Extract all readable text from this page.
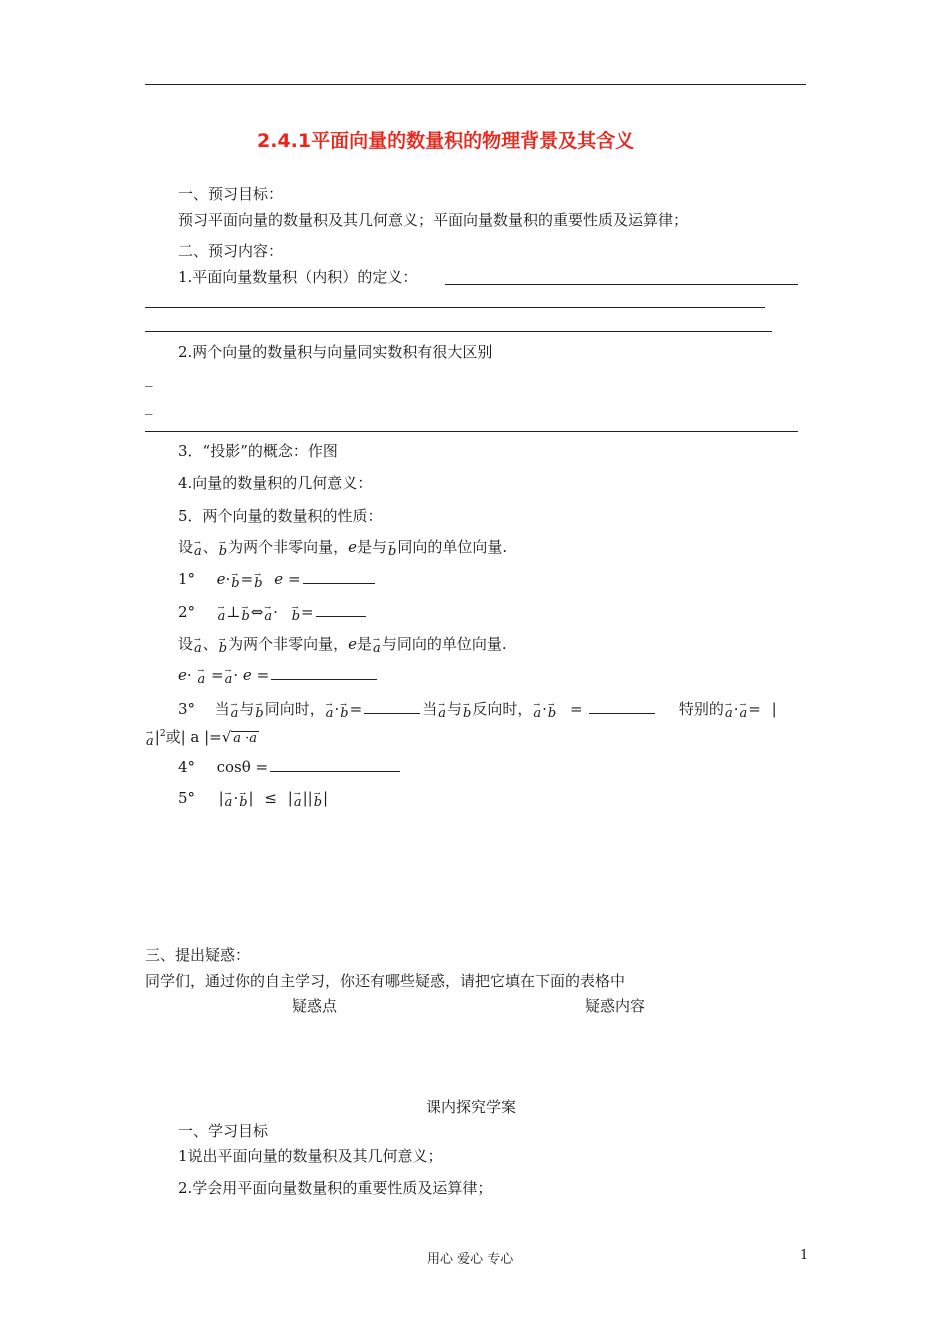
2.4.1平面向量的数量积的物理背景及其含义
一、预习目标：
预习平面向量的数量积及其几何意义；平面向量数量积的重要性质及运算律；
二、预习内容：
1.平面向量数量积（内积）的定义：
2.两个向量的数量积与向量同实数积有很大区别
_
_
3．“投影”的概念：作图
4.向量的数量积的几何意义：
5．两个向量的数量积的性质：
设→ a、→ b为两个非零向量，e是与→ b同向的单位向量.
1° e·→ b=→ b e =
2° → a⊥→ b⇔→ a· → b=
设→ a、→ b为两个非零向量，e是→ a与同向的单位向量.
e· → a =→ a· e =
3° 当→ a与→ b同向时，→ a·→ b=	当→ a与→ b反向时，→ a·→ b =	特别的→ a·→ a= |
→ $a|^2$或| a |=√ a ·a
4° cosθ =
5° |→ a·→ b| ≤ |→ a||→ b|
三、提出疑惑：
同学们，通过你的自主学习，你还有哪些疑惑，请把它填在下面的表格中
疑惑点	疑惑内容
课内探究学案
一、学习目标
1说出平面向量的数量积及其几何意义；
2.学会用平面向量数量积的重要性质及运算律；
用心 爱心 专心	1
